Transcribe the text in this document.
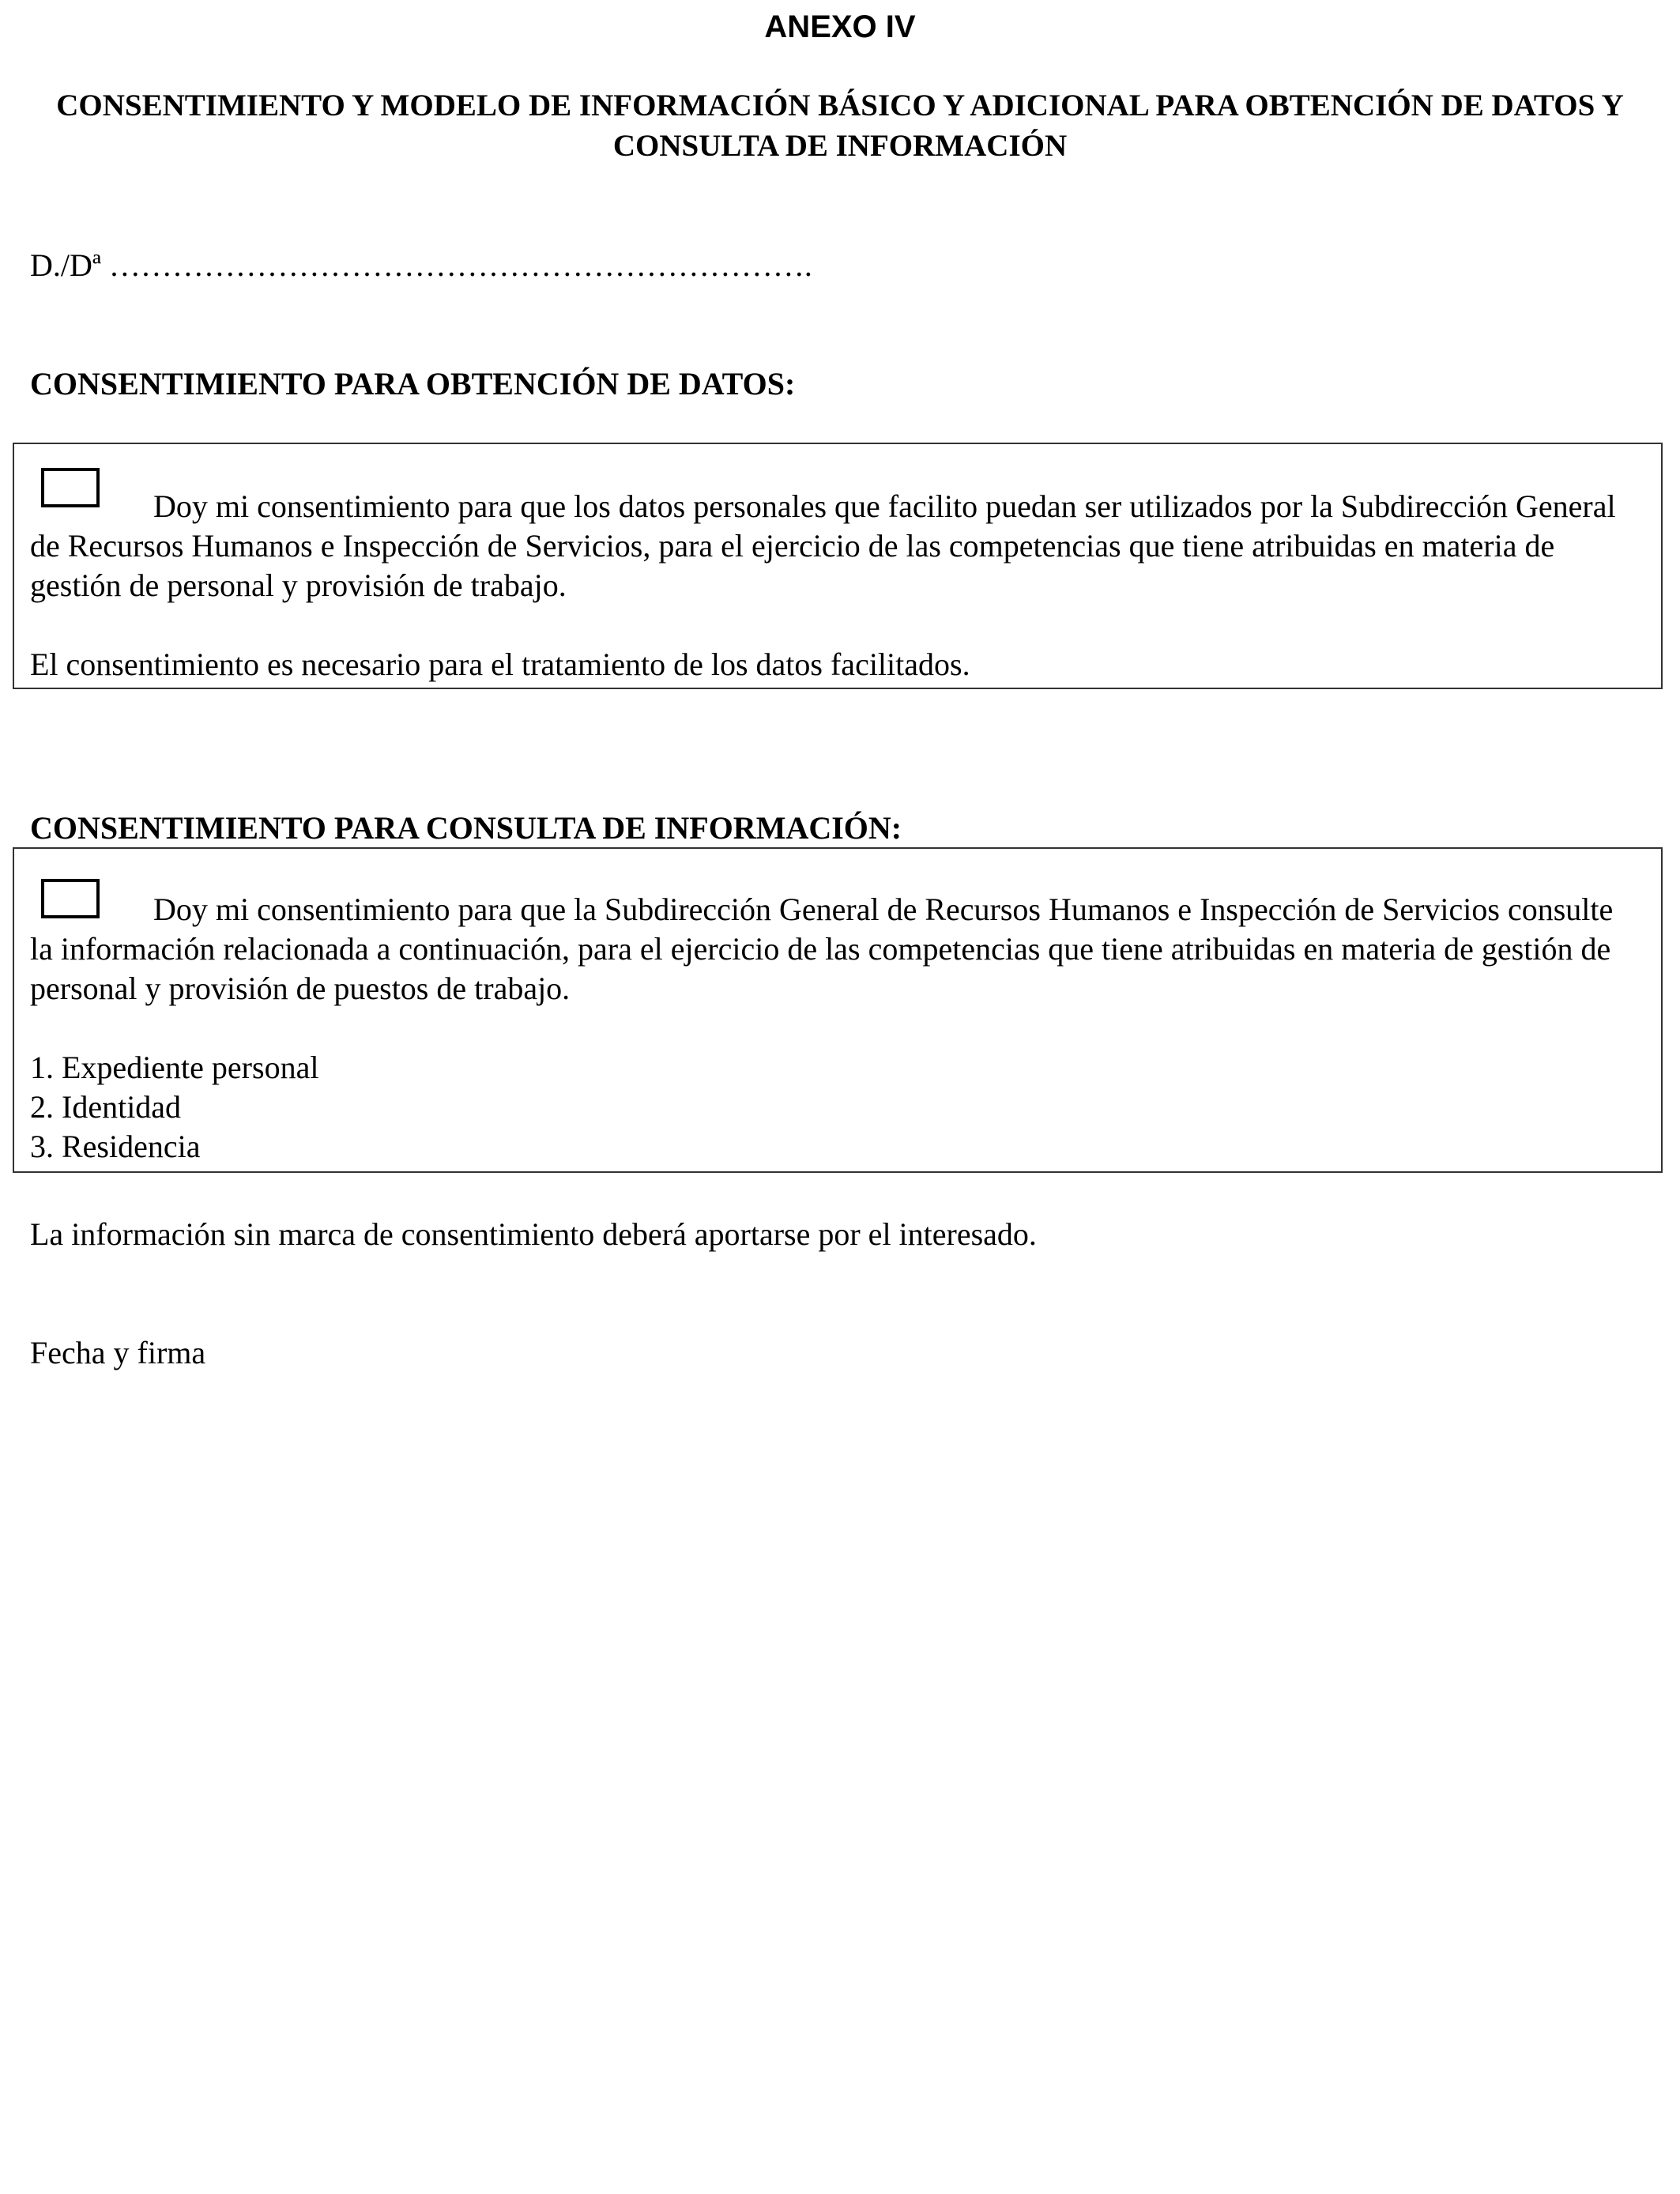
ANEXO IV
CONSENTIMIENTO Y MODELO DE INFORMACIÓN BÁSICO Y ADICIONAL PARA OBTENCIÓN DE DATOS Y CONSULTA DE INFORMACIÓN
D./Dª ………………………………………………………….
CONSENTIMIENTO PARA OBTENCIÓN DE DATOS:

Doy mi consentimiento para que los datos personales que facilito puedan ser utilizados por la Subdirección General de Recursos Humanos e Inspección de Servicios, para el ejercicio de las competencias que tiene atribuidas en materia de gestión de personal y provisión de trabajo.

El consentimiento es necesario para el tratamiento de los datos facilitados.

CONSENTIMIENTO PARA CONSULTA DE INFORMACIÓN:

Doy mi consentimiento para que la Subdirección General de Recursos Humanos e Inspección de Servicios consulte la información relacionada a continuación, para el ejercicio de las competencias que tiene atribuidas en materia de gestión de personal y provisión de puestos de trabajo.

1. Expediente personal
2. Identidad
3. Residencia
La información sin marca de consentimiento deberá aportarse por el interesado.
Fecha y firma
